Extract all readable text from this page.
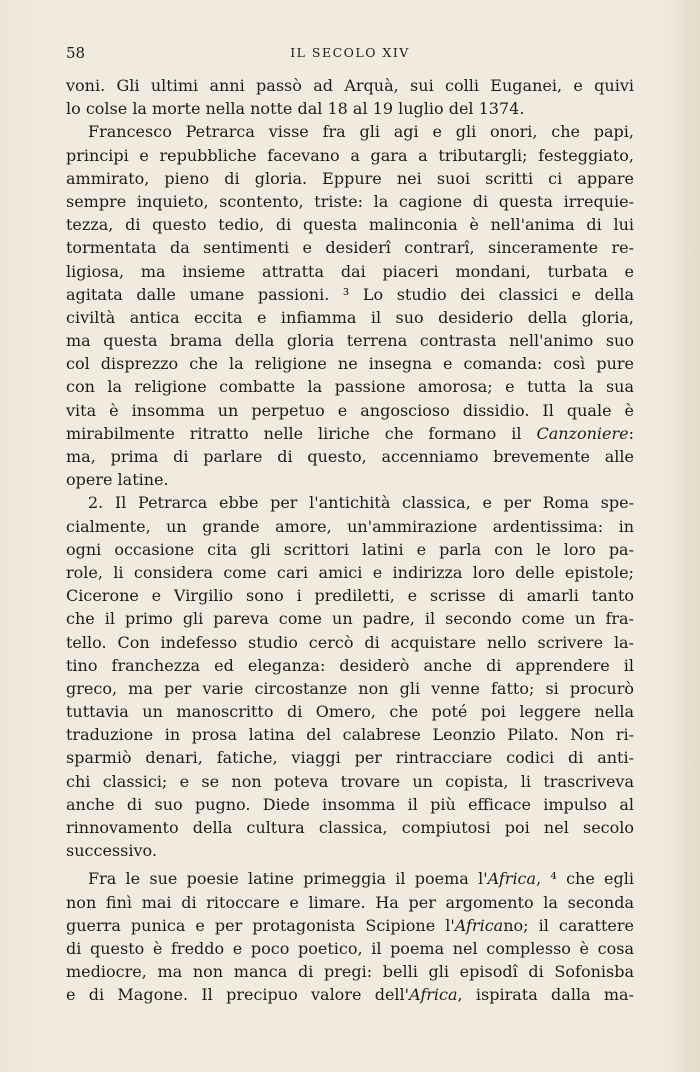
58	IL SECOLO XIV
voni. Gli ultimi anni passò ad Arquà, sui colli Euganei, e quivi
lo colse la morte nella notte dal 18 al 19 luglio del 1374.
Francesco Petrarca visse fra gli agi e gli onori, che papi,
principi e repubbliche facevano a gara a tributargli; festeggiato,
ammirato, pieno di gloria. Eppure nei suoi scritti ci appare
sempre inquieto, scontento, triste: la cagione di questa irrequie-
tezza, di questo tedio, di questa malinconia è nell'anima di lui
tormentata da sentimenti e desiderî contrarî, sinceramente re-
ligiosa, ma insieme attratta dai piaceri mondani, turbata e
agitata dalle umane passioni. ³ Lo studio dei classici e della
civiltà antica eccita e infiamma il suo desiderio della gloria,
ma questa brama della gloria terrena contrasta nell'animo suo
col disprezzo che la religione ne insegna e comanda: così pure
con la religione combatte la passione amorosa; e tutta la sua
vita è insomma un perpetuo e angoscioso dissidio. Il quale è
mirabilmente ritratto nelle liriche che formano il Canzoniere:
ma, prima di parlare di questo, accenniamo brevemente alle
opere latine.
2. Il Petrarca ebbe per l'antichità classica, e per Roma spe-
cialmente, un grande amore, un'ammirazione ardentissima: in
ogni occasione cita gli scrittori latini e parla con le loro pa-
role, li considera come cari amici e indirizza loro delle epistole;
Cicerone e Virgilio sono i prediletti, e scrisse di amarli tanto
che il primo gli pareva come un padre, il secondo come un fra-
tello. Con indefesso studio cercò di acquistare nello scrivere la-
tino franchezza ed eleganza: desiderò anche di apprendere il
greco, ma per varie circostanze non gli venne fatto; si procurò
tuttavia un manoscritto di Omero, che poté poi leggere nella
traduzione in prosa latina del calabrese Leonzio Pilato. Non ri-
sparmiò denari, fatiche, viaggi per rintracciare codici di anti-
chi classici; e se non poteva trovare un copista, li trascriveva
anche di suo pugno. Diede insomma il più efficace impulso al
rinnovamento della cultura classica, compiutosi poi nel secolo
successivo.
Fra le sue poesie latine primeggia il poema l'Africa, ⁴ che egli
non finì mai di ritoccare e limare. Ha per argomento la seconda
guerra punica e per protagonista Scipione l'Africano; il carattere
di questo è freddo e poco poetico, il poema nel complesso è cosa
mediocre, ma non manca di pregi: belli gli episodî di Sofonisba
e di Magone. Il precipuo valore dell'Africa, ispirata dalla ma-
